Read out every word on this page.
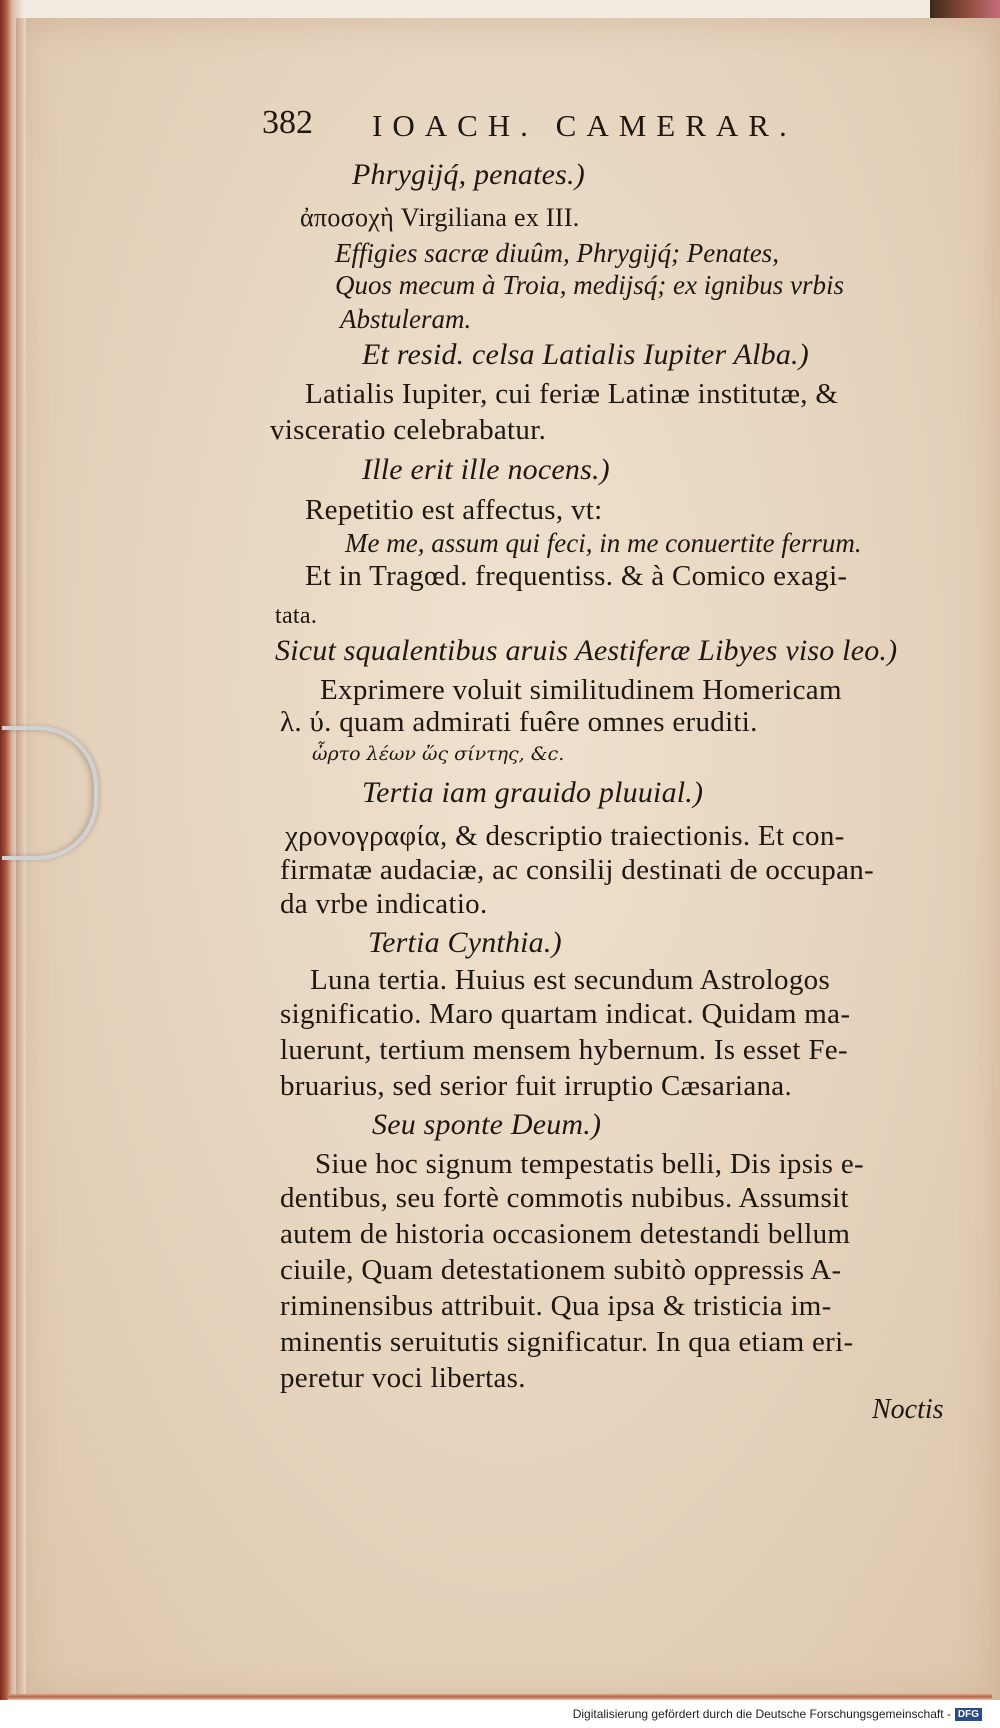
382 IOACH. CAMERAR.
Phrygijq́, penates.)
ἀποσοχὴ Virgiliana ex III.
Effigies sacræ diuûm, Phrygijq́; Penates,
Quos mecum à Troia, medijsq́; ex ignibus vrbis
Abstuleram.
Et resid. celsa Latialis Iupiter Alba.)
Latialis Iupiter, cui feriæ Latinæ institutæ, &
visceratio celebrabatur.
Ille erit ille nocens.)
Repetitio est affectus, vt:
Me me, assum qui feci, in me conuertite ferrum.
Et in Tragœd. frequentiss. & à Comico exagi-
tata.
Sicut squalentibus aruis Aestiferæ Libyes viso leo.)
Exprimere voluit similitudinem Homericam
λ. ύ. quam admirati fuêre omnes eruditi.
ὦρτο λέων ὥς σίντης, &c.
Tertia iam grauido pluuial.)
χρονογραφία, & descriptio traiectionis. Et con-
firmatæ audaciæ, ac consilij destinati de occupan-
da vrbe indicatio.
Tertia Cynthia.)
Luna tertia. Huius est secundum Astrologos
significatio. Maro quartam indicat. Quidam ma-
luerunt, tertium mensem hybernum. Is esset Fe-
bruarius, sed serior fuit irruptio Cæsariana.
Seu sponte Deum.)
Siue hoc signum tempestatis belli, Dis ipsis e-
dentibus, seu fortè commotis nubibus. Assumsit
autem de historia occasionem detestandi bellum
ciuile, Quam detestationem subitò oppressis A-
riminensibus attribuit. Qua ipsa & tristicia im-
minentis seruitutis significatur. In qua etiam eri-
peretur voci libertas.
Noctis
Digitalisierung gefördert durch die Deutsche Forschungsgemeinschaft - DFG
